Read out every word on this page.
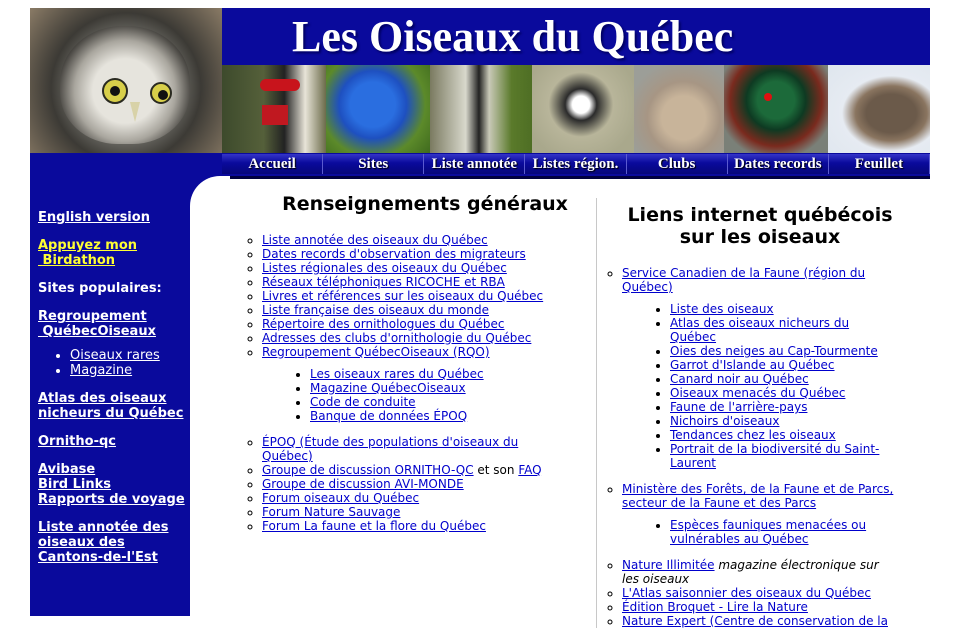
Les Oiseaux du Québec
Accueil	Sites	Liste annotée	Listes région.	Clubs	Dates records	Feuillet

English version

Appuyez mon
Birdathon

Sites populaires:

Regroupement
QuébecOiseaux

• Oiseaux rares
• Magazine

Atlas des oiseaux
nicheurs du Québec

Ornitho-qc

Avibase
Bird Links
Rapports de voyage

Liste annotée des
oiseaux des
Cantons-de-l'Est

Renseignements généraux
◦ Liste annotée des oiseaux du Québec
◦ Dates records d'observation des migrateurs
◦ Listes régionales des oiseaux du Québec
◦ Réseaux téléphoniques RICOCHE et RBA
◦ Livres et références sur les oiseaux du Québec
◦ Liste française des oiseaux du monde
◦ Répertoire des ornithologues du Québec
◦ Adresses des clubs d'ornithologie du Québec
◦ Regroupement QuébecOiseaux (RQO)
• Les oiseaux rares du Québec
• Magazine QuébecOiseaux
• Code de conduite
• Banque de données ÉPOQ
◦ ÉPOQ (Étude des populations d'oiseaux du Québec)
◦ Groupe de discussion ORNITHO-QC et son FAQ
◦ Groupe de discussion AVI-MONDE
◦ Forum oiseaux du Québec
◦ Forum Nature Sauvage
◦ Forum La faune et la flore du Québec
Liens internet québécois
sur les oiseaux
◦ Service Canadien de la Faune (région du Québec)
• Liste des oiseaux
• Atlas des oiseaux nicheurs du Québec
• Oies des neiges au Cap-Tourmente
• Garrot d'Islande au Québec
• Canard noir au Québec
• Oiseaux menacés du Québec
• Faune de l'arrière-pays
• Nichoirs d'oiseaux
• Tendances chez les oiseaux
• Portrait de la biodiversité du Saint-Laurent
◦ Ministère des Forêts, de la Faune et de Parcs, secteur de la Faune et des Parcs
• Espèces fauniques menacées ou vulnérables au Québec
◦ Nature Illimitée magazine électronique sur les oiseaux
◦ L'Atlas saisonnier des oiseaux du Québec
◦ Édition Broquet - Lire la Nature
◦ Nature Expert (Centre de conservation de la
